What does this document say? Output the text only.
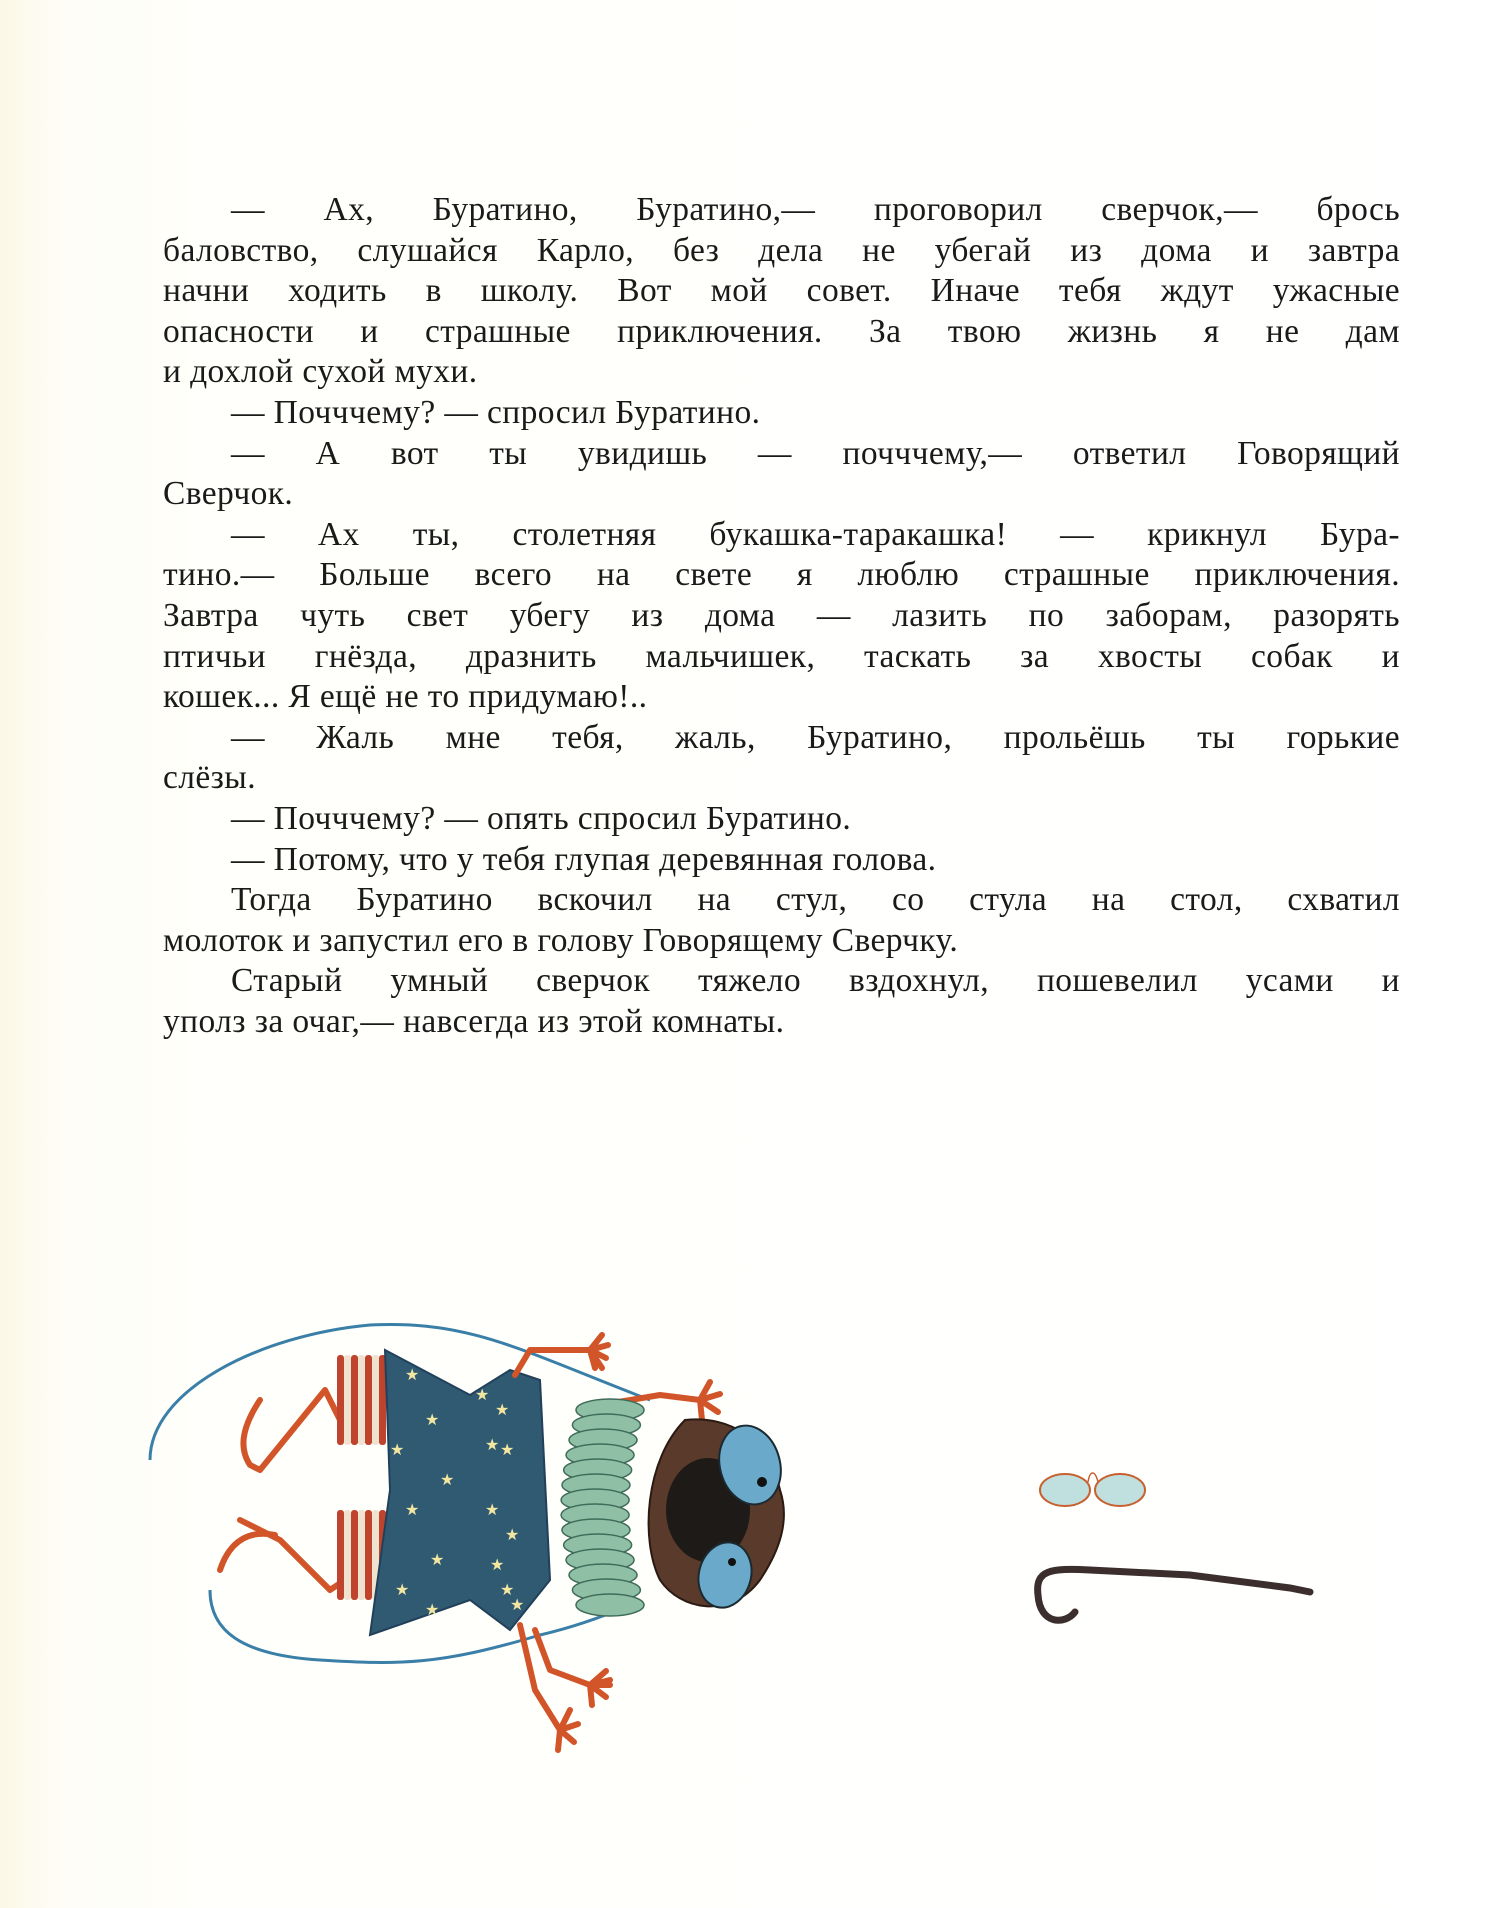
— Ах, Буратино, Буратино,— проговорил сверчок,— брось
баловство, слушайся Карло, без дела не убегай из дома и завтра
начни ходить в школу. Вот мой совет. Иначе тебя ждут ужасные
опасности и страшные приключения. За твою жизнь я не дам
и дохлой сухой мухи.
— Почччему? — спросил Буратино.
— А вот ты увидишь — почччему,— ответил Говорящий
Сверчок.
— Ах ты, столетняя букашка-таракашка! — крикнул Бура-
тино.— Больше всего на свете я люблю страшные приключения.
Завтра чуть свет убегу из дома — лазить по заборам, разорять
птичьи гнёзда, дразнить мальчишек, таскать за хвосты собак и
кошек... Я ещё не то придумаю!..
— Жаль мне тебя, жаль, Буратино, прольёшь ты горькие
слёзы.
— Почччему? — опять спросил Буратино.
— Потому, что у тебя глупая деревянная голова.
Тогда Буратино вскочил на стул, со стула на стол, схватил
молоток и запустил его в голову Говорящему Сверчку.
Старый умный сверчок тяжело вздохнул, пошевелил усами и
уполз за очаг,— навсегда из этой комнаты.
★
★
★
★
★
★
★
★
★
★
★ ★
★
★
★
★
★
